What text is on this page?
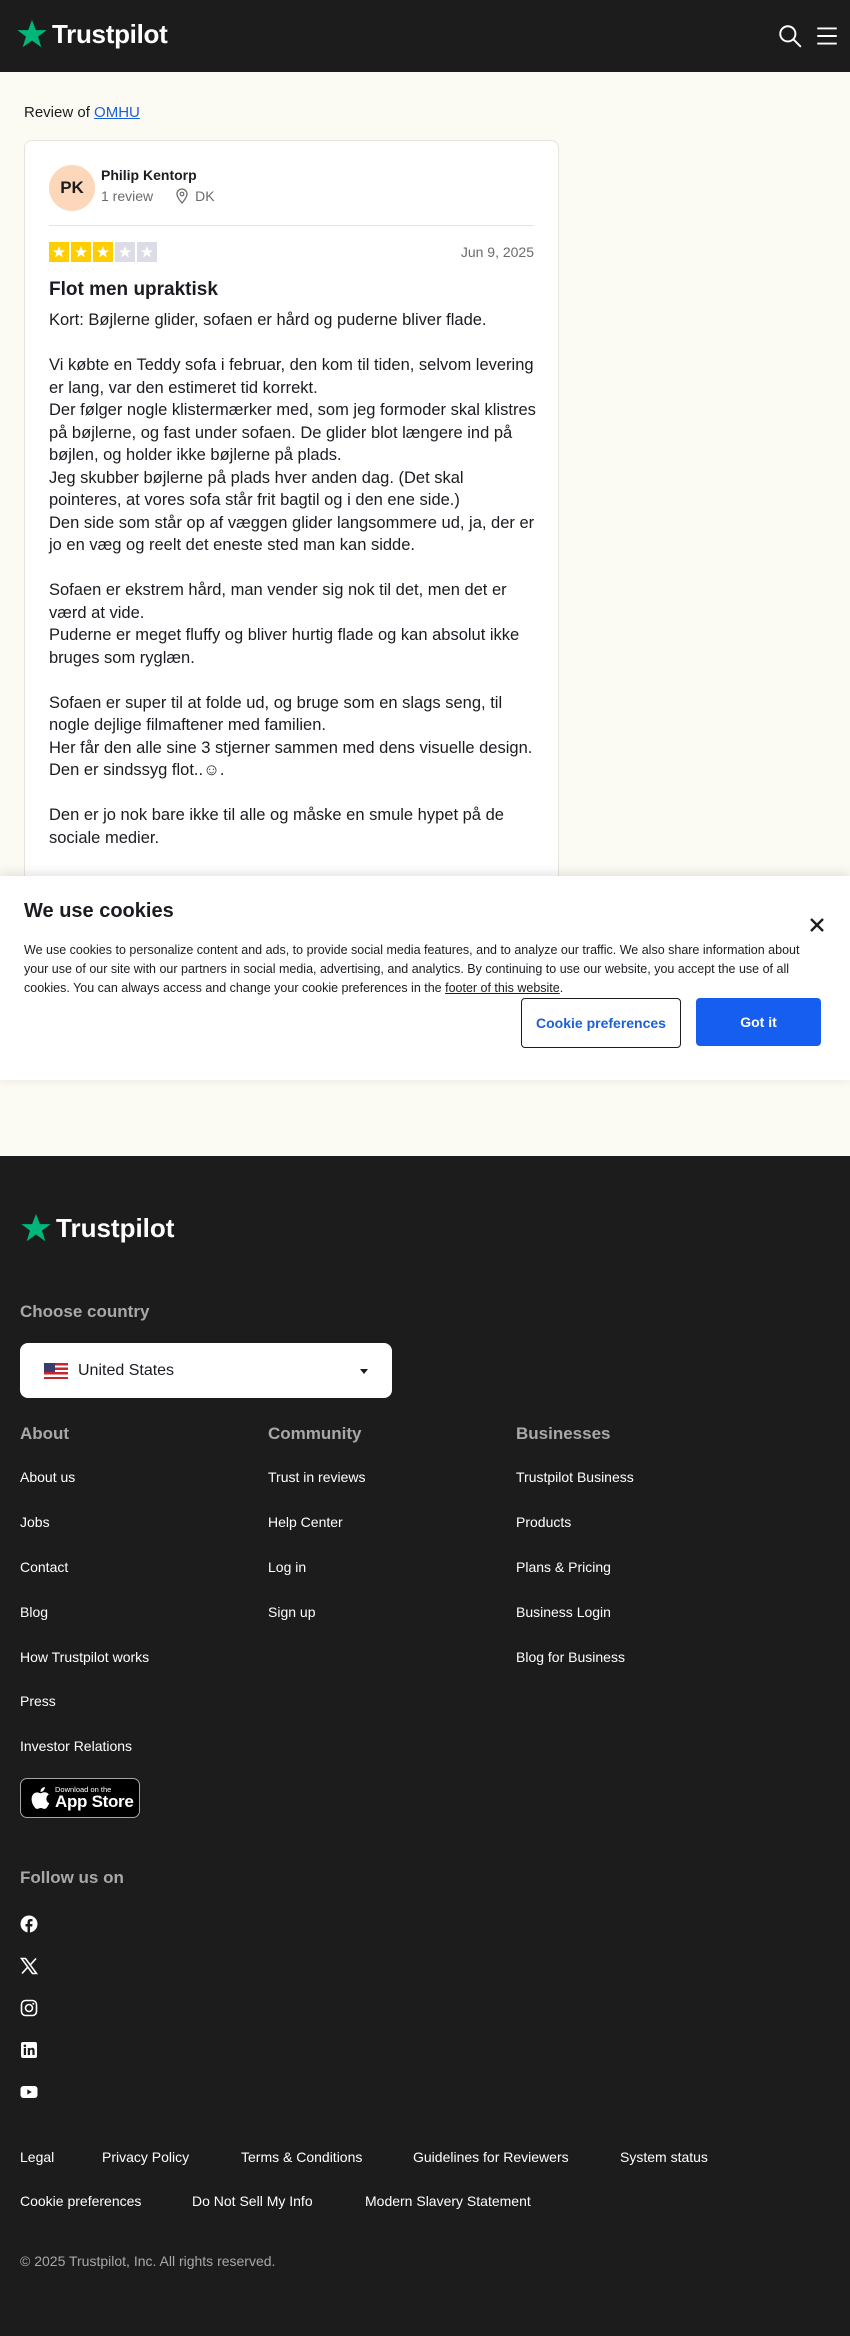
Trustpilot
Review of OMHU
PK
Philip Kentorp
1 review	DK
Jun 9, 2025
Flot men upraktisk

Kort: Bøjlerne glider, sofaen er hård og puderne bliver flade.

Vi købte en Teddy sofa i februar, den kom til tiden, selvom levering er lang, var den estimeret tid korrekt.
Der følger nogle klistermærker med, som jeg formoder skal klistres på bøjlerne, og fast under sofaen. De glider blot længere ind på bøjlen, og holder ikke bøjlerne på plads.
Jeg skubber bøjlerne på plads hver anden dag. (Det skal pointeres, at vores sofa står frit bagtil og i den ene side.)
Den side som står op af væggen glider langsommere ud, ja, der er jo en væg og reelt det eneste sted man kan sidde.

Sofaen er ekstrem hård, man vender sig nok til det, men det er værd at vide.
Puderne er meget fluffy og bliver hurtig flade og kan absolut ikke bruges som ryglæn.

Sofaen er super til at folde ud, og bruge som en slags seng, til nogle dejlige filmaftener med familien.
Her får den alle sine 3 stjerner sammen med dens visuelle design. Den er sindssyg flot..☺.

Den er jo nok bare ikke til alle og måske en smule hypet på de sociale medier.

We use cookies
We use cookies to personalize content and ads, to provide social media features, and to analyze our traffic. We also share information about your use of our site with our partners in social media, advertising, and analytics. By continuing to use our website, you accept the use of all cookies. You can always access and change your cookie preferences in the footer of this website.
Cookie preferences	Got it
Trustpilot
Choose country
United States
About
About us
Jobs
Contact
Blog
How Trustpilot works
Press
Investor Relations
Community
Trust in reviews
Help Center
Log in
Sign up
Businesses
Trustpilot Business
Products
Plans & Pricing
Business Login
Blog for Business
Download on the
App Store
Follow us on
Legal	Privacy Policy	Terms & Conditions	Guidelines for Reviewers	System status
Cookie preferences	Do Not Sell My Info	Modern Slavery Statement
© 2025 Trustpilot, Inc. All rights reserved.
